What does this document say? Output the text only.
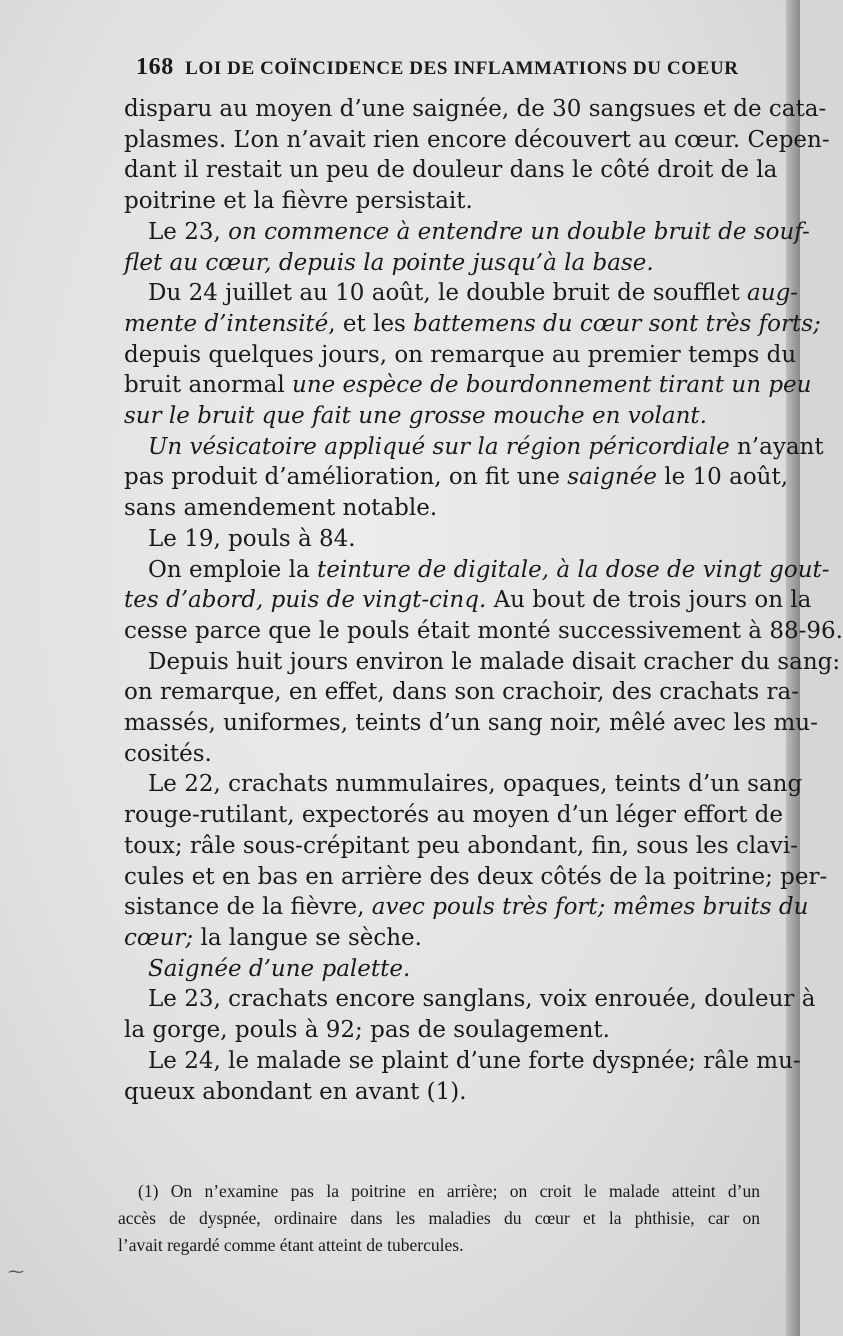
168 LOI DE COÏNCIDENCE DES INFLAMMATIONS DU COEUR
disparu au moyen d’une saignée, de 30 sangsues et de cata-
plasmes. L’on n’avait rien encore découvert au cœur. Cepen-
dant il restait un peu de douleur dans le côté droit de la
poitrine et la fièvre persistait.
Le 23, on commence à entendre un double bruit de souf-
flet au cœur, depuis la pointe jusqu’à la base.
Du 24 juillet au 10 août, le double bruit de soufflet aug-
mente d’intensité, et les battemens du cœur sont très forts;
depuis quelques jours, on remarque au premier temps du
bruit anormal une espèce de bourdonnement tirant un peu
sur le bruit que fait une grosse mouche en volant.
Un vésicatoire appliqué sur la région péricordiale n’ayant
pas produit d’amélioration, on fit une saignée le 10 août,
sans amendement notable.
Le 19, pouls à 84.
On emploie la teinture de digitale, à la dose de vingt gout-
tes d’abord, puis de vingt-cinq. Au bout de trois jours on la
cesse parce que le pouls était monté successivement à 88-96.
Depuis huit jours environ le malade disait cracher du sang:
on remarque, en effet, dans son crachoir, des crachats ra-
massés, uniformes, teints d’un sang noir, mêlé avec les mu-
cosités.
Le 22, crachats nummulaires, opaques, teints d’un sang
rouge-rutilant, expectorés au moyen d’un léger effort de
toux; râle sous-crépitant peu abondant, fin, sous les clavi-
cules et en bas en arrière des deux côtés de la poitrine; per-
sistance de la fièvre, avec pouls très fort; mêmes bruits du
cœur; la langue se sèche.
Saignée d’une palette.
Le 23, crachats encore sanglans, voix enrouée, douleur à
la gorge, pouls à 92; pas de soulagement.
Le 24, le malade se plaint d’une forte dyspnée; râle mu-
queux abondant en avant (1).
(1) On n’examine pas la poitrine en arrière; on croit le malade atteint d’un
accès de dyspnée, ordinaire dans les maladies du cœur et la phthisie, car on
l’avait regardé comme étant atteint de tubercules.
⁓
